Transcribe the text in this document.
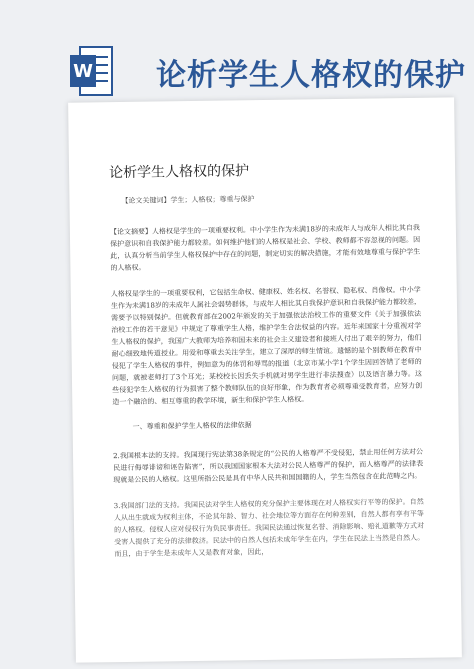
W 论析学生人格权的保护
论析学生人格权的保护
【论文关键词】学生；人格权；尊重与保护

【论文摘要】人格权是学生的一项重要权利。中小学生作为未满18岁的未成年人与成年人相比其自我保护意识和自我保护能力都较差。如何维护他们的人格权是社会、学校、教师都不容忽视的问题。因此，认真分析当前学生人格权保护中存在的问题，制定切实的解决措施，才能有效地尊重与保护学生的人格权。

人格权是学生的一项重要权利，它包括生命权、健康权、姓名权、名誉权、隐私权、肖像权。中小学生作为未满18岁的未成年人属社会弱势群体，与成年人相比其自我保护意识和自我保护能力都较差，需要予以特别保护。但就教育部在2002年颁发的关于加强依法治校工作的重要文件《关于加强依法治校工作的若干意见》中规定了尊重学生人格，维护学生合法权益的内容。近年来国家十分重视对学生人格权的保护，我国广大教师为培养和国未来的社会主义建设者和接班人付出了艰辛的努力，他们耐心细致地传道授业。用爱和尊重去关注学生，建立了深厚的师生情谊。遗憾的是个别教师在教育中侵犯了学生人格权的事件，例如意为的体罚和辱骂的报道（北京市某小学1个学生因回答错了老师的问题，就被老师打了3个耳光；某校校长因丢失手机就对男学生进行非法搜查）以及语言暴力等。这些侵犯学生人格权的行为损害了整个教师队伍的良好形象，作为教育者必须尊重受教育者，应努力创造一个融洽的、相互尊重的教学环境，新生和保护学生人格权。

一、尊重和保护学生人格权的法律依据

2.我国根本法的支持。我国现行宪法第38条规定的“公民的人格尊严不受侵犯，禁止用任何方法对公民进行侮辱诽谤和诬告陷害”，所以我国国家根本大法对公民人格尊严的保护，而人格尊严的法律表现就是公民的人格权。这里所指公民是具有中华人民共和国国籍的人，学生当然包含在此范畴之内。

3.我国部门法的支持。我国民法对学生人格权的充分保护主要体现在对人格权实行平等的保护。自然人从出生就成为权利主体，不论其年龄、智力、社会地位等方面存在何种差别，自然人都有享有平等的人格权。侵权人应对侵权行为负民事责任。我国民法通过恢复名誉、消除影响、赔礼道歉等方式对受害人提供了充分的法律救济。民法中的自然人包括未成年学生在内，学生在民法上当然是自然人。而且，由于学生是未成年人又是教育对象，因此，
